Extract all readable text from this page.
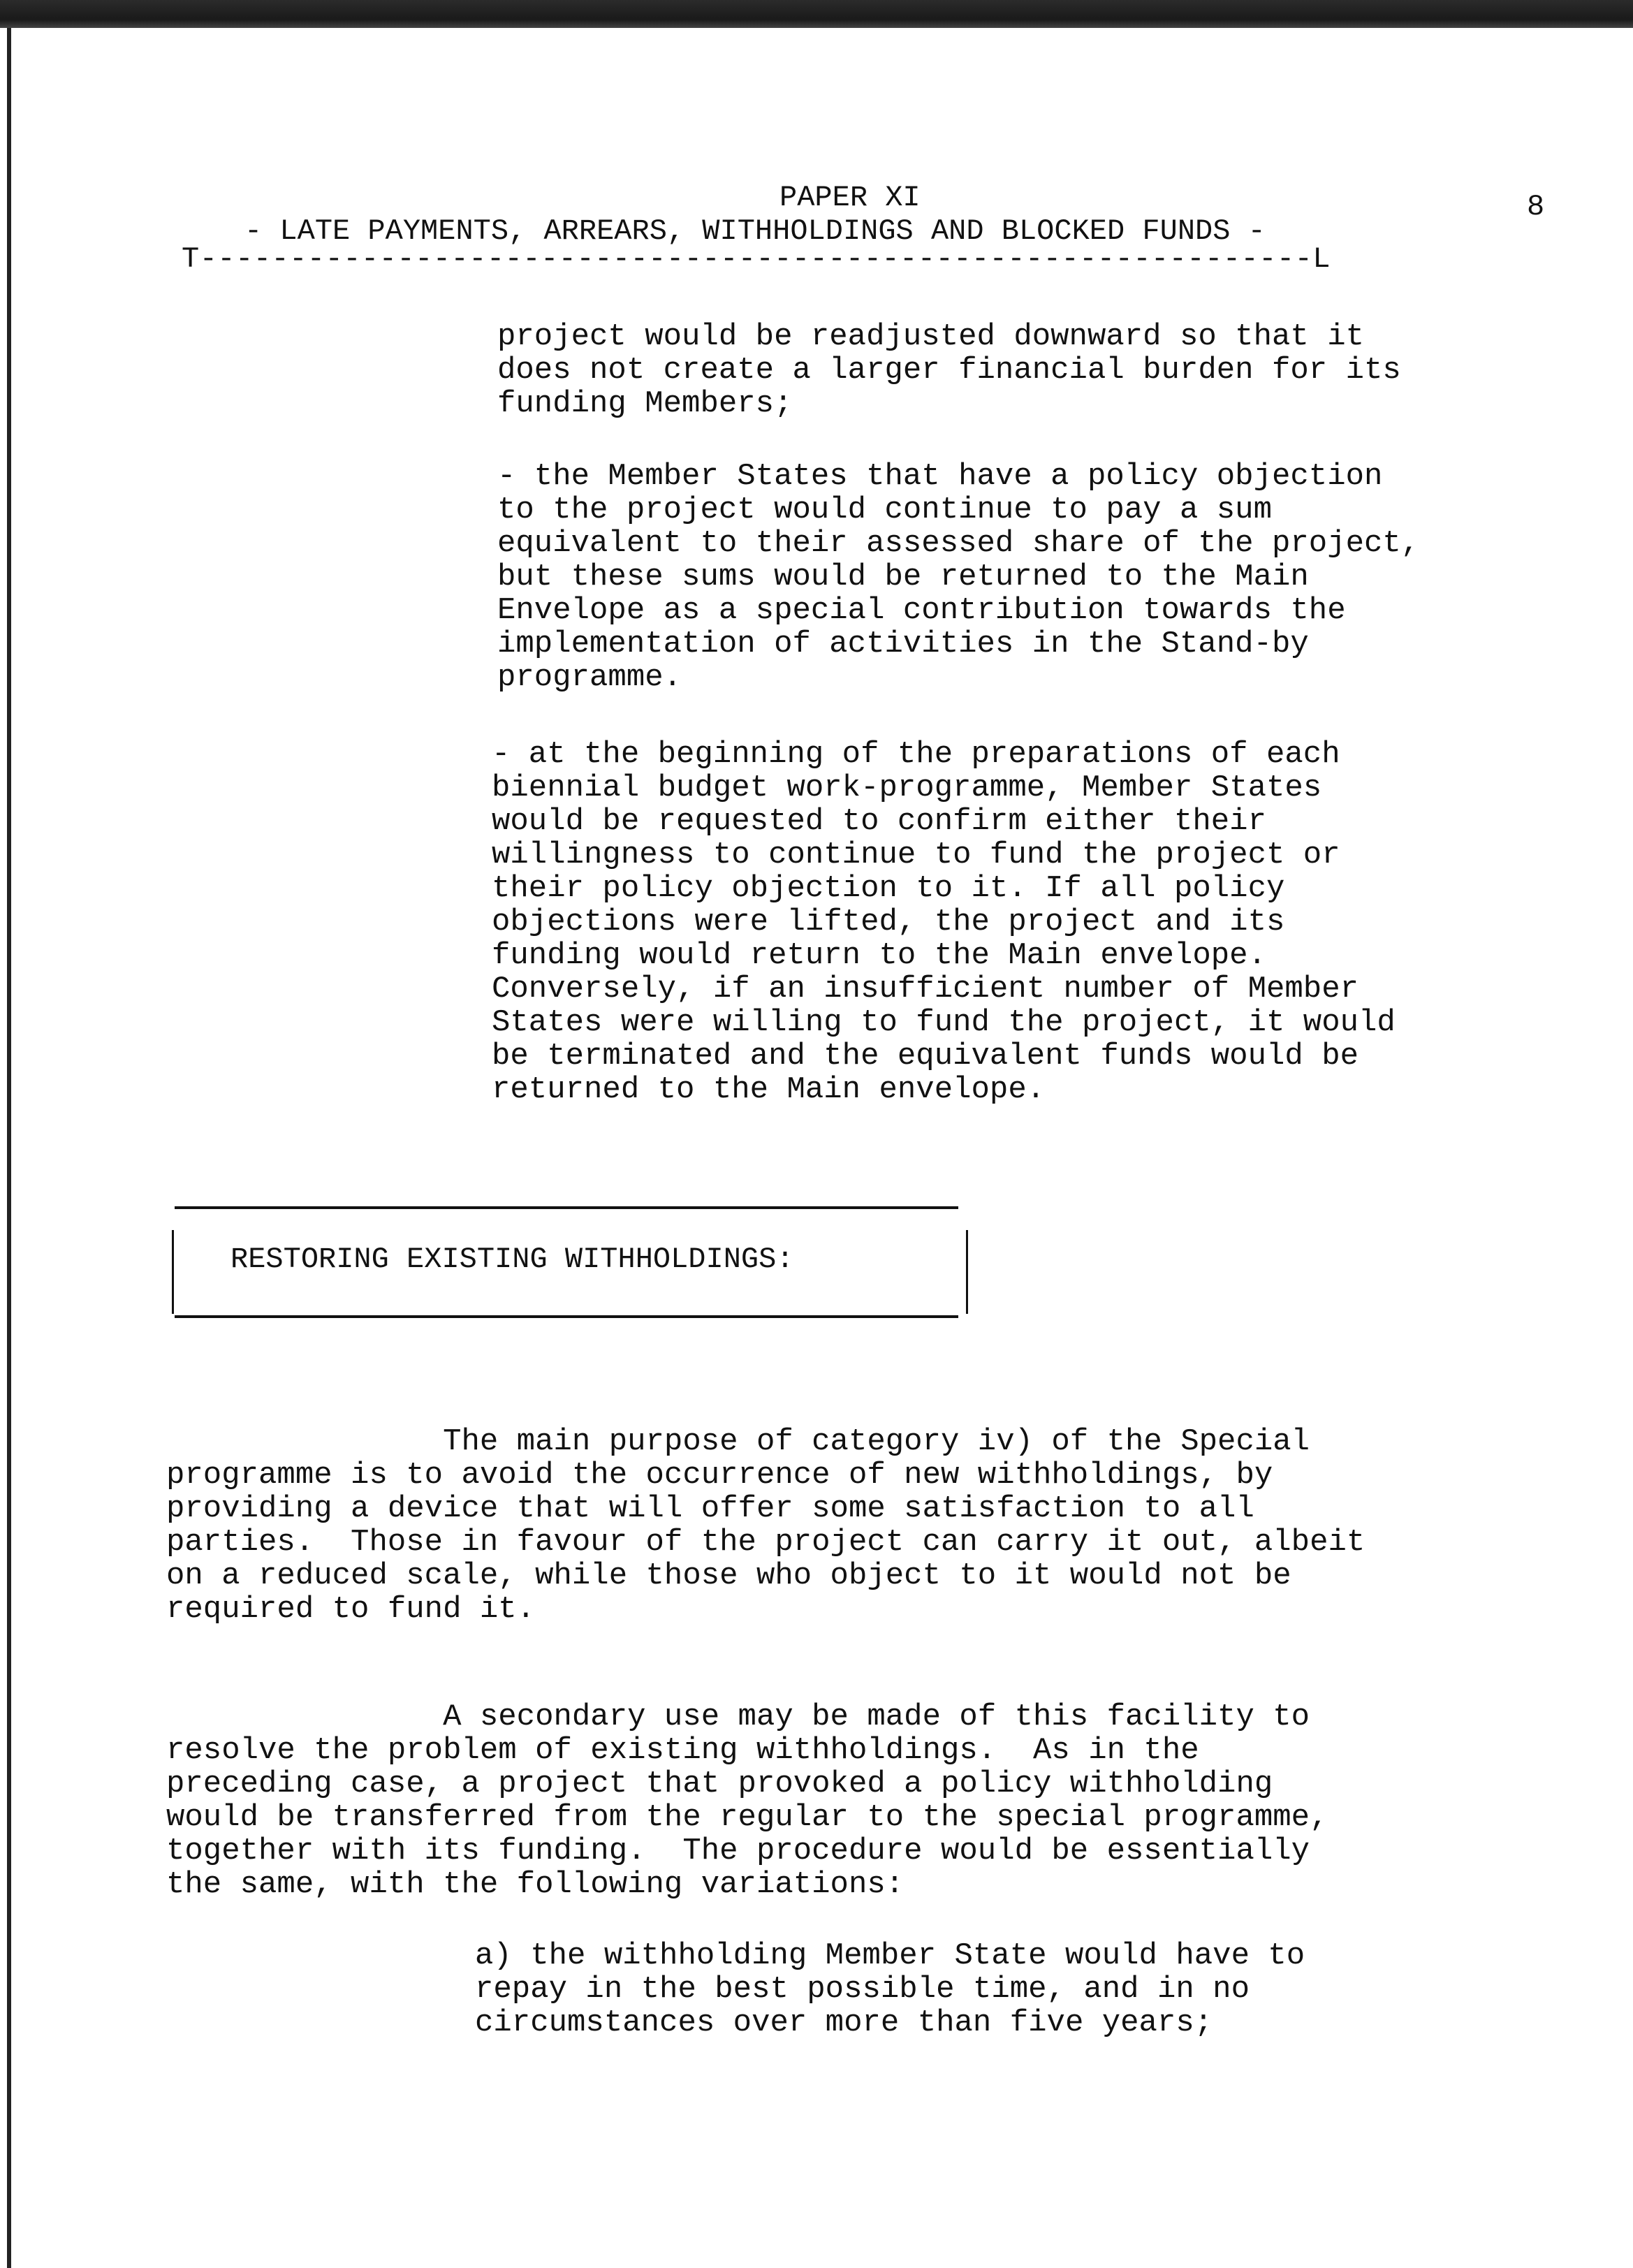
PAPER XI	8
- LATE PAYMENTS, ARREARS, WITHHOLDINGS AND BLOCKED FUNDS -
T--------------------------------------------------------------L
project would be readjusted downward so that it
does not create a larger financial burden for its
funding Members;
- the Member States that have a policy objection
to the project would continue to pay a sum
equivalent to their assessed share of the project,
but these sums would be returned to the Main
Envelope as a special contribution towards the
implementation of activities in the Stand-by
programme.
- at the beginning of the preparations of each
biennial budget work-programme, Member States
would be requested to confirm either their
willingness to continue to fund the project or
their policy objection to it. If all policy
objections were lifted, the project and its
funding would return to the Main envelope.
Conversely, if an insufficient number of Member
States were willing to fund the project, it would
be terminated and the equivalent funds would be
returned to the Main envelope.
RESTORING EXISTING WITHHOLDINGS:
The main purpose of category iv) of the Special
programme is to avoid the occurrence of new withholdings, by
providing a device that will offer some satisfaction to all
parties.  Those in favour of the project can carry it out, albeit
on a reduced scale, while those who object to it would not be
required to fund it.
A secondary use may be made of this facility to
resolve the problem of existing withholdings.  As in the
preceding case, a project that provoked a policy withholding
would be transferred from the regular to the special programme,
together with its funding.  The procedure would be essentially
the same, with the following variations:
a) the withholding Member State would have to
repay in the best possible time, and in no
circumstances over more than five years;
